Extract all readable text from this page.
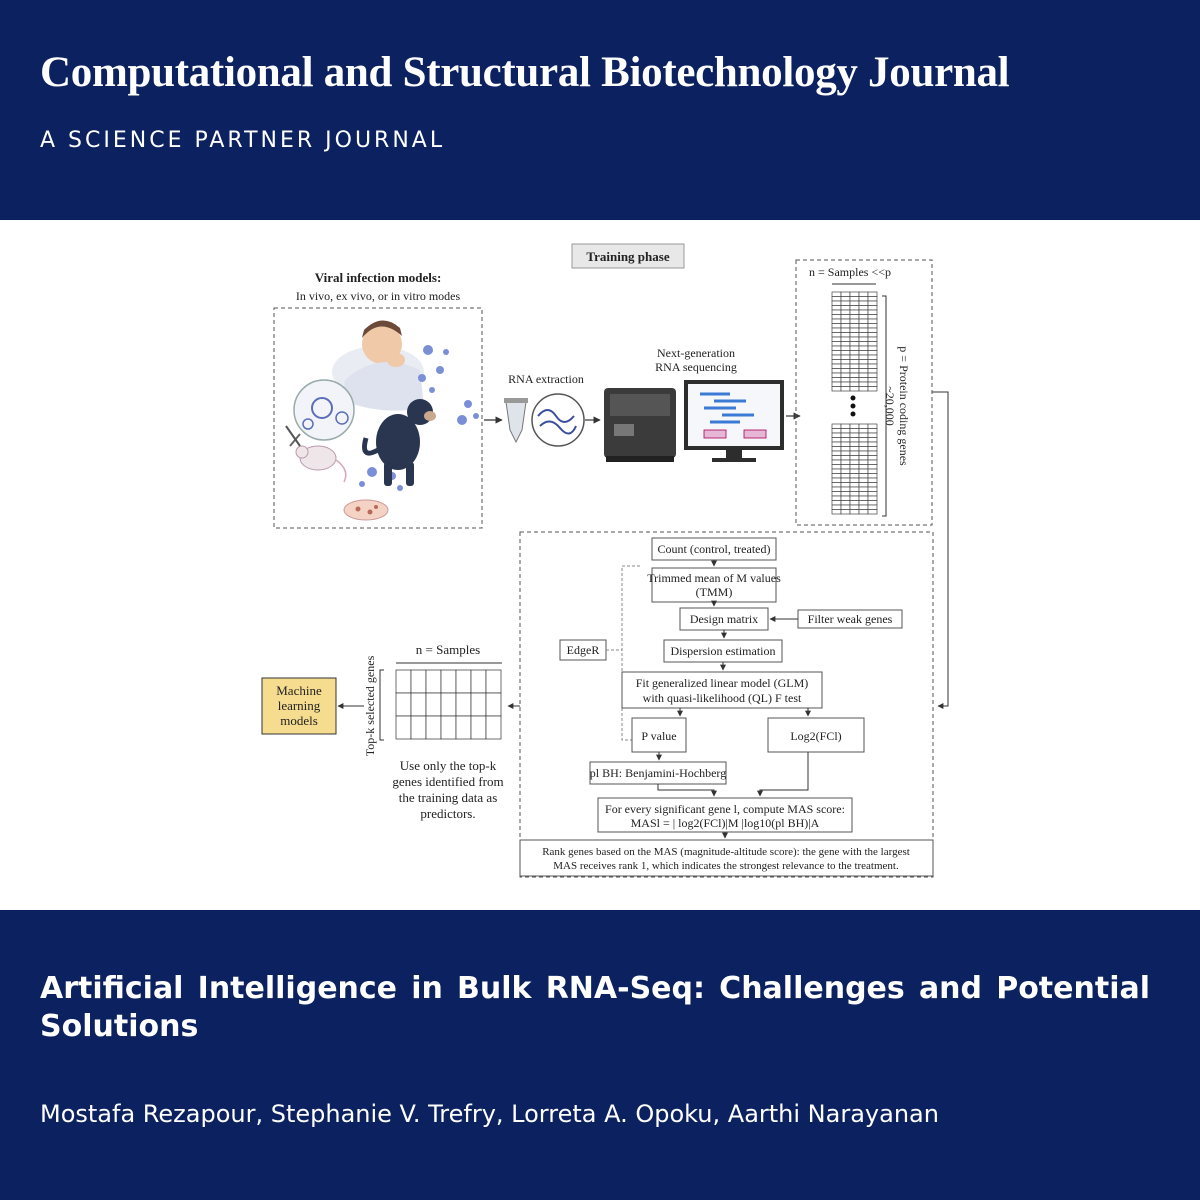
Computational and Structural Biotechnology Journal
A SCIENCE PARTNER JOURNAL
Training phase
Viral infection models:
In vivo, ex vivo, or in vitro modes
RNA extraction
Next-generation
RNA sequencing
n = Samples <<p
p = Protein coding genes
~20,000
Count (control, treated)
Trimmed mean of M values
(TMM)
Design matrix	Filter weak genes
Dispersion estimation
EdgeR
Fit generalized linear model (GLM)
with quasi-likelihood (QL) F test
P value	Log2(FCl)
pl BH: Benjamini-Hochberg
For every significant gene l, compute MAS score:
MASl = | log2(FCl)|M |log10(pl BH)|A
Rank genes based on the MAS (magnitude-altitude score): the gene with the largest
MAS receives rank 1, which indicates the strongest relevance to the treatment.
n = Samples
Top-k selected genes
Machine
learning
models
Use only the top-k
genes identified from
the training data as
predictors.
Artificial Intelligence in Bulk RNA-Seq: Challenges and Potential Solutions
Mostafa Rezapour, Stephanie V. Trefry, Lorreta A. Opoku, Aarthi Narayanan
